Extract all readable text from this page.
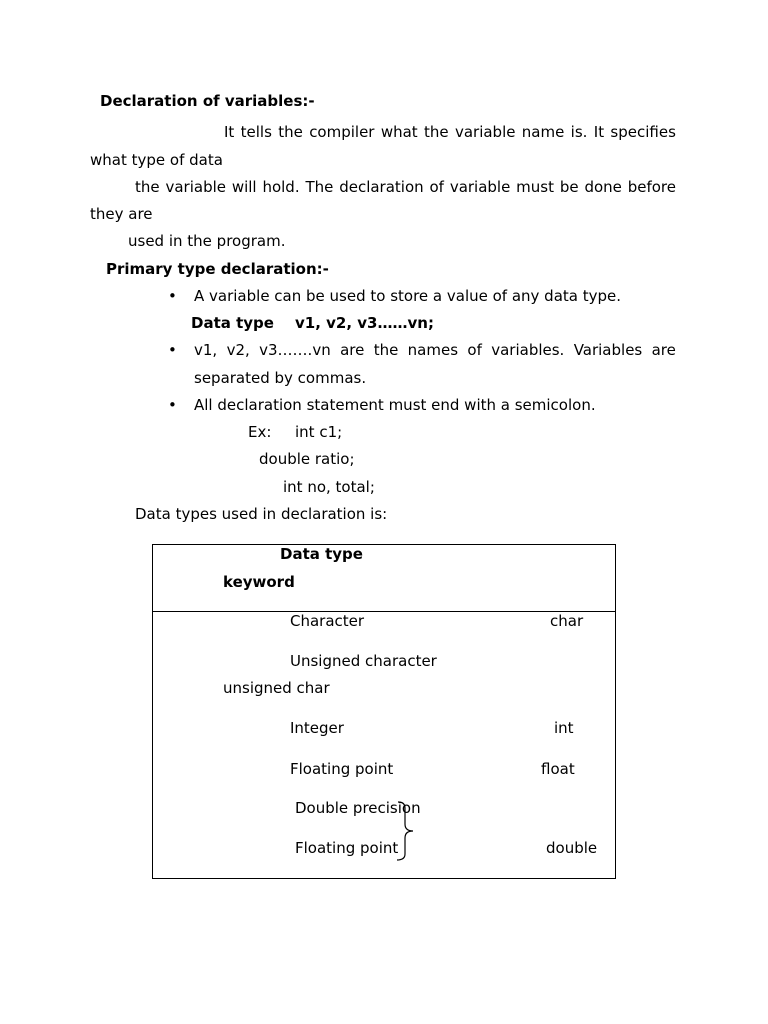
Declaration of variables:-
It tells the compiler what the variable name is. It specifies
what type of data
the variable will hold. The declaration of variable must be done before
they are
used in the program.
Primary type declaration:-
• A variable can be used to store a value of any data type.
Data type v1, v2, v3……vn;
• v1, v2, v3…….vn are the names of variables. Variables are
separated by commas.
• All declaration statement must end with a semicolon.
Ex: int c1;
double ratio;
int no, total;
Data types used in declaration is:
Data type
keyword
Character	char
Unsigned character
unsigned char
Integer	int
Floating point	float
Double precision
Floating point	double
